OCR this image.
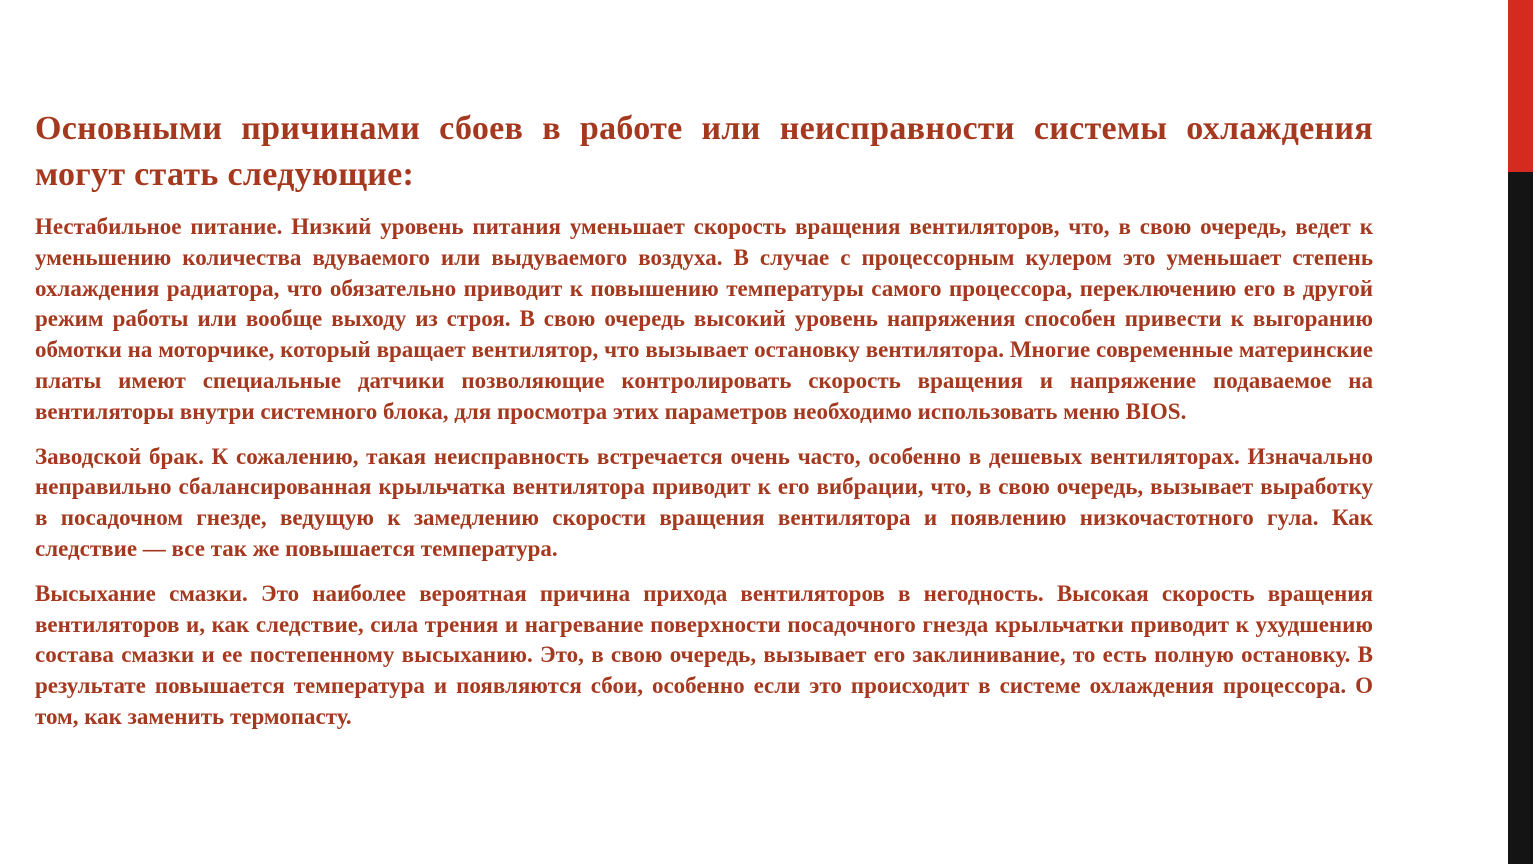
Основными причинами сбоев в работе или неисправности системы охлаждения могут стать следующие:

Нестабильное питание. Низкий уровень питания уменьшает скорость вращения вентиляторов, что, в свою очередь, ведет к уменьшению количества вдуваемого или выдуваемого воздуха. В случае с процессорным кулером это уменьшает степень охлаждения радиатора, что обязательно приводит к повышению температуры самого процессора, переключению его в другой режим работы или вообще выходу из строя. В свою очередь высокий уровень напряжения способен привести к выгоранию обмотки на моторчике, который вращает вентилятор, что вызывает остановку вентилятора. Многие современные материнские платы имеют специальные датчики позволяющие контролировать скорость вращения и напряжение подаваемое на вентиляторы внутри системного блока, для просмотра этих параметров необходимо использовать меню BIOS.

Заводской брак. К сожалению, такая неисправность встречается очень часто, особенно в дешевых вентиляторах. Изначально неправильно сбалансированная крыльчатка вентилятора приводит к его вибрации, что, в свою очередь, вызывает выработку в посадочном гнезде, ведущую к замедлению скорости вращения вентилятора и появлению низкочастотного гула. Как следствие — все так же повышается температура.

Высыхание смазки. Это наиболее вероятная причина прихода вентиляторов в негодность. Высокая скорость вращения вентиляторов и, как следствие, сила трения и нагревание поверхности посадочного гнезда крыльчатки приводит к ухудшению состава смазки и ее постепенному высыханию. Это, в свою очередь, вызывает его заклинивание, то есть полную остановку. В результате повышается температура и появляются сбои, особенно если это происходит в системе охлаждения процессора. О том, как заменить термопасту.
